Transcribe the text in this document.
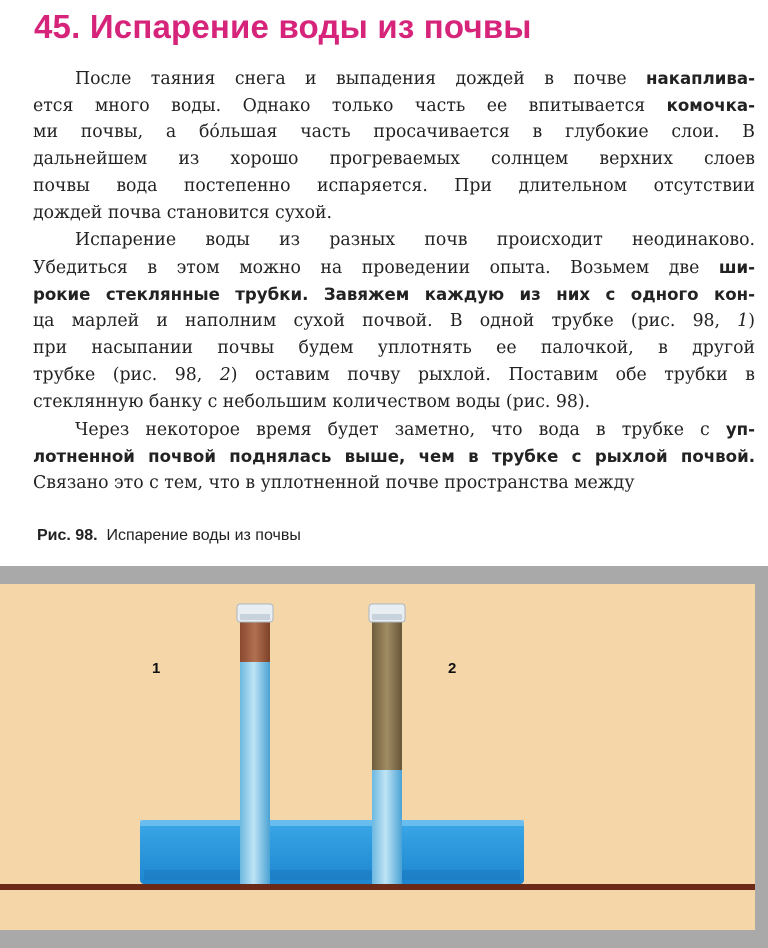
45. Испарение воды из почвы
После таяния снега и выпадения дождей в почве накаплива-
ется много воды. Однако только часть ее впитывается комочка-
ми почвы, а бо́льшая часть просачивается в глубокие слои. В
дальнейшем из хорошо прогреваемых солнцем верхних слоев
почвы вода постепенно испаряется. При длительном отсутствии
дождей почва становится сухой.
Испарение воды из разных почв происходит неодинаково.
Убедиться в этом можно на проведении опыта. Возьмем две ши-
рокие стеклянные трубки. Завяжем каждую из них с одного кон-
ца марлей и наполним сухой почвой. В одной трубке (рис. 98, 1)
при насыпании почвы будем уплотнять ее палочкой, в другой
трубке (рис. 98, 2) оставим почву рыхлой. Поставим обе трубки в
стеклянную банку с небольшим количеством воды (рис. 98).
Через некоторое время будет заметно, что вода в трубке с уп-
лотненной почвой поднялась выше, чем в трубке с рыхлой почвой.
Связано это с тем, что в уплотненной почве пространства между
Рис. 98. Испарение воды из почвы
1	2
